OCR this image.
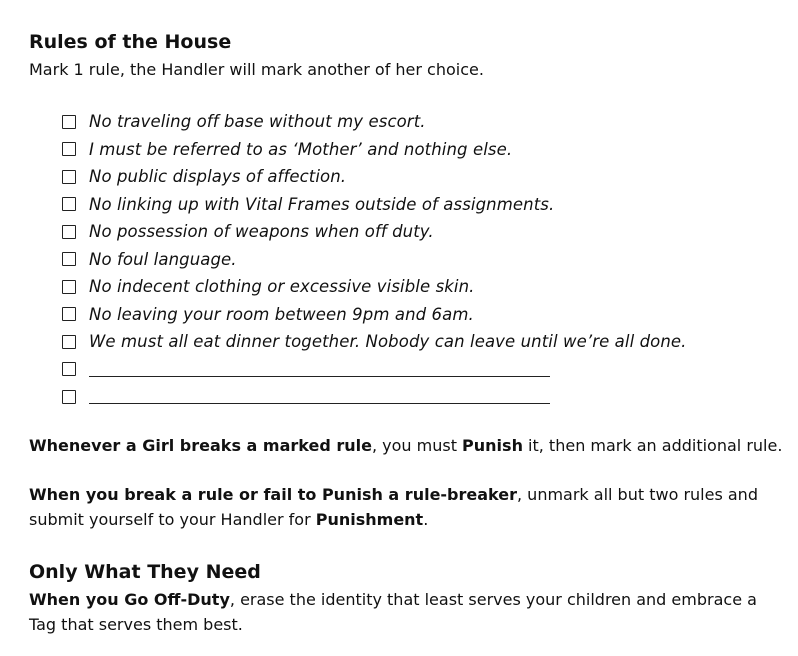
Rules of the House

Mark 1 rule, the Handler will mark another of her choice.

No traveling off base without my escort.
I must be referred to as ‘Mother’ and nothing else.
No public displays of affection.
No linking up with Vital Frames outside of assignments.
No possession of weapons when off duty.
No foul language.
No indecent clothing or excessive visible skin.
No leaving your room between 9pm and 6am.
We must all eat dinner together. Nobody can leave until we’re all done.

Whenever a Girl breaks a marked rule, you must Punish it, then mark an additional rule.

When you break a rule or fail to Punish a rule-breaker, unmark all but two rules and submit yourself to your Handler for Punishment.

Only What They Need

When you Go Off-Duty, erase the identity that least serves your children and embrace a Tag that serves them best.
